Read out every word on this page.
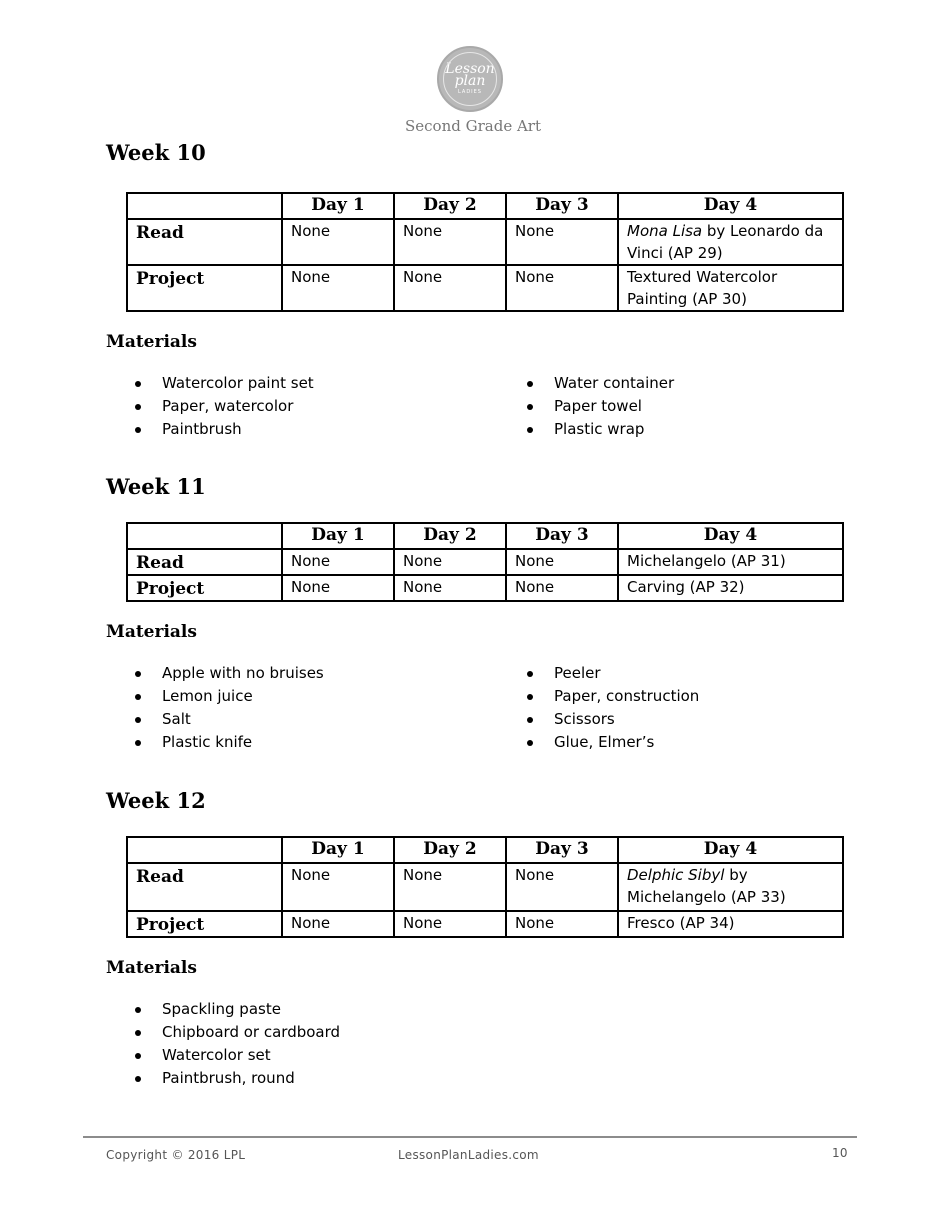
Lesson
plan
LADIES
Second Grade Art
Week 10
	Day 1	Day 2	Day 3	Day 4
Read	None	None	None	Mona Lisa by Leonardo da Vinci (AP 29)
Project	None	None	None	Textured Watercolor Painting (AP 30)
Materials
Watercolor paint set
Paper, watercolor
Paintbrush
Water container
Paper towel
Plastic wrap
Week 11
	Day 1	Day 2	Day 3	Day 4
Read	None	None	None	Michelangelo (AP 31)
Project	None	None	None	Carving (AP 32)
Materials
Apple with no bruises
Lemon juice
Salt
Plastic knife
Peeler
Paper, construction
Scissors
Glue, Elmer’s
Week 12
	Day 1	Day 2	Day 3	Day 4
Read	None	None	None	Delphic Sibyl by Michelangelo (AP 33)
Project	None	None	None	Fresco (AP 34)
Materials
Spackling paste
Chipboard or cardboard
Watercolor set
Paintbrush, round
Copyright © 2016 LPL	LessonPlanLadies.com	10
